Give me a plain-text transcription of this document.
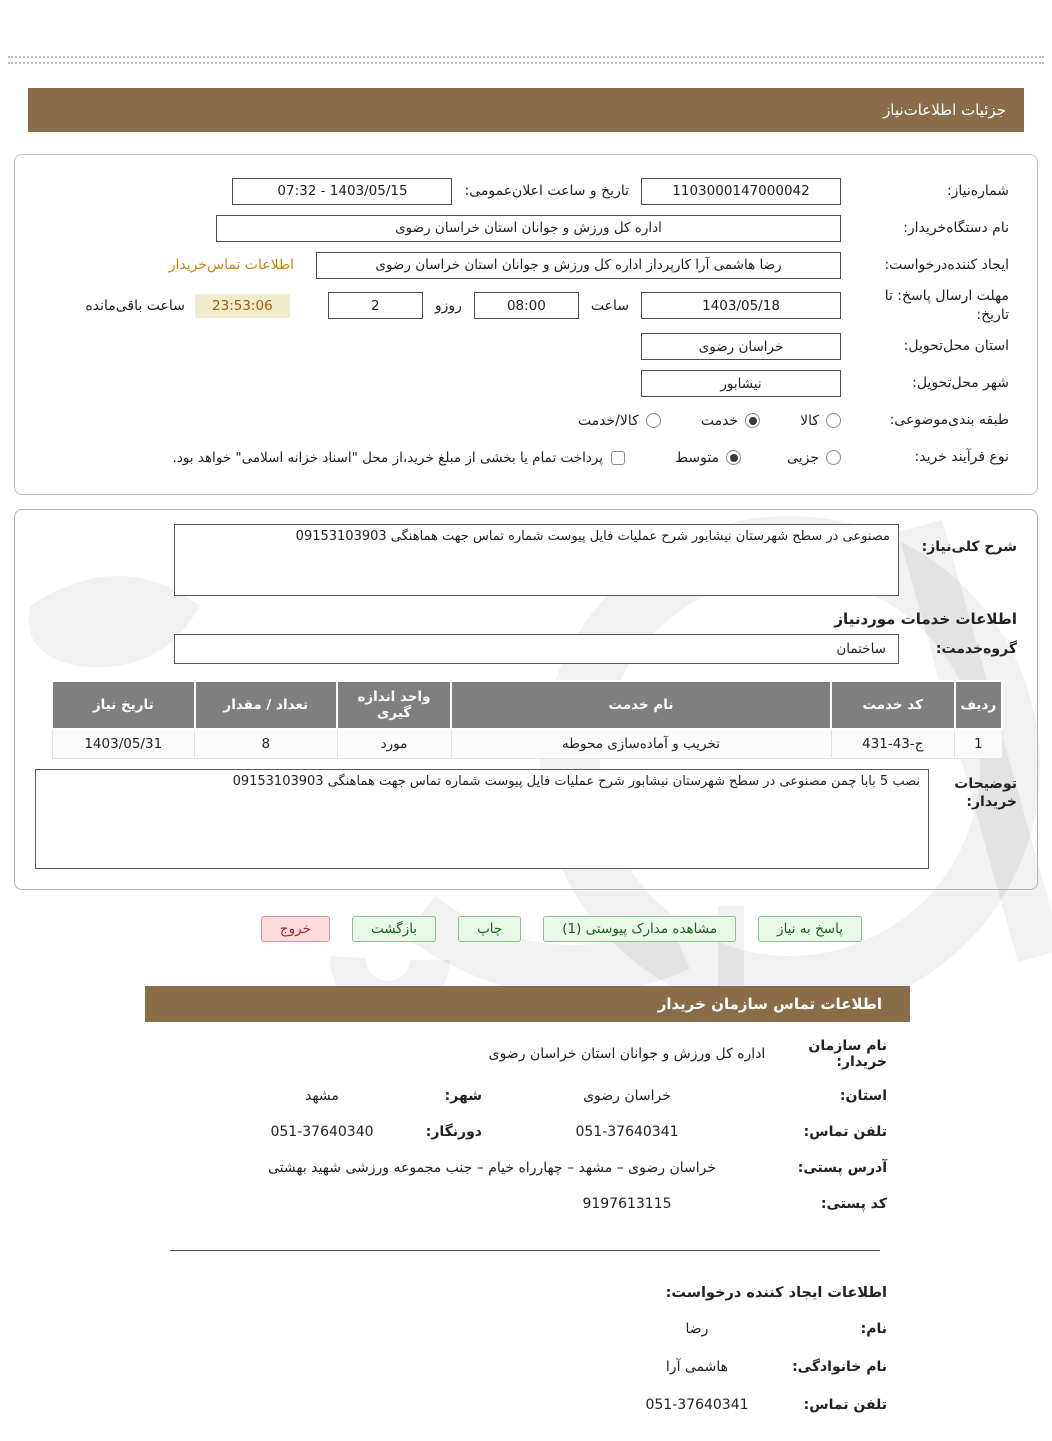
جزئیات اطلاعات‌نیاز
شماره‌نیاز:
1103000147000042
تاریخ و ساعت اعلان‌عمومی:
1403/05/15 - 07:32
نام دستگاه‌خریدار:
اداره کل ورزش و جوانان استان خراسان رضوی
ایجاد کننده‌درخواست:
رضا هاشمی آرا کارپرداز اداره کل ورزش و جوانان استان خراسان رضوی
اطلاعات تماس‌خریدار
مهلت ارسال پاسخ: تا تاریخ:
1403/05/18
ساعت
08:00
روزو
2
23:53:06
ساعت باقی‌مانده
استان محل‌تحویل:
خراسان رضوی
شهر محل‌تحویل:
نیشابور
طبقه بندی‌موضوعی:
کالا
خدمت
کالا/خدمت
نوع فرآیند خرید:
جزیی
متوسط
پرداخت تمام یا بخشی از مبلغ خرید،از محل "اسناد خزانه اسلامی" خواهد بود.
شرح کلی‌نیاز:
مصنوعی در سطح شهرستان نیشابور شرح عملیات فایل پیوست شماره تماس جهت هماهنگی 09153103903
اطلاعات خدمات موردنیاز
گروه‌خدمت:
ساختمان
ردیف	کد خدمت	نام خدمت	واحد اندازه گیری	تعداد / مقدار	تاریخ نیاز
1	ج-43-431	تخریب و آماده‌سازی محوطه	مورد	8	1403/05/31
توضیحات خریدار:
نصب 5 بابا چمن مصنوعی در سطح شهرستان نیشابور شرح عملیات فایل پیوست شماره تماس جهت هماهنگی 09153103903
پاسخ به نیاز
مشاهده مدارک پیوستی (1)
چاپ
بازگشت
خروج
اطلاعات تماس سازمان خریدار
نام سازمان خریدار:
اداره کل ورزش و جوانان استان خراسان رضوی
استان:
خراسان رضوی
شهر:
مشهد
تلفن تماس:
051-37640341
دورنگار:
051-37640340
آدرس پستی:
خراسان رضوی – مشهد – چهارراه خیام – جنب مجموعه ورزشی شهید بهشتی
کد پستی:
9197613115
اطلاعات ایجاد کننده درخواست:
نام:
رضا
نام خانوادگی:
هاشمی آرا
تلفن تماس:
051-37640341
